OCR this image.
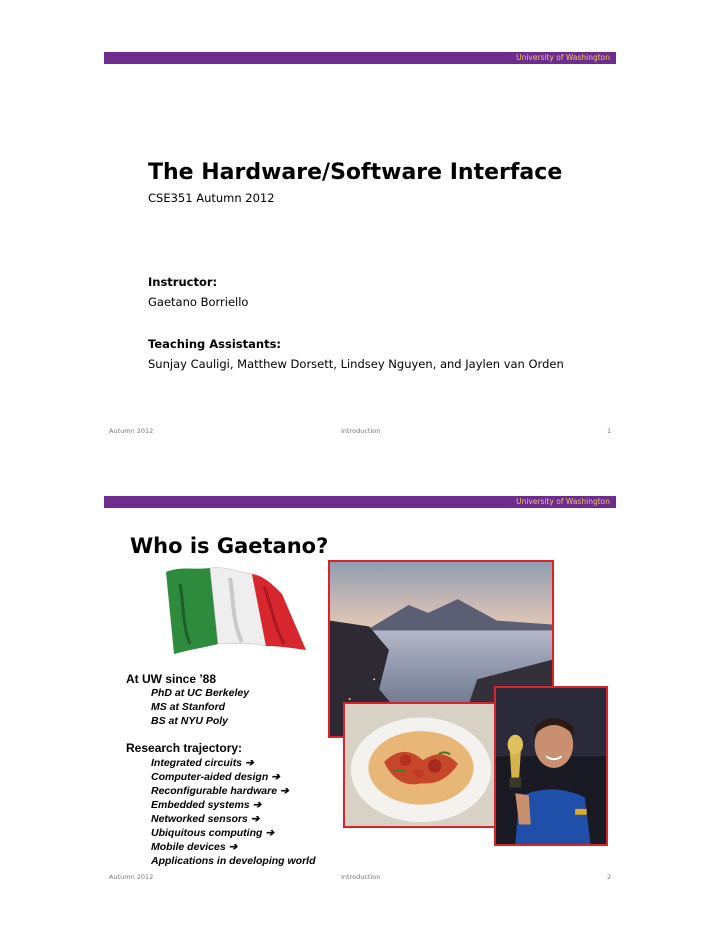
University of Washington
The Hardware/Software Interface
CSE351 Autumn 2012
Instructor:
Gaetano Borriello
Teaching Assistants:
Sunjay Cauligi, Matthew Dorsett, Lindsey Nguyen, and Jaylen van Orden
Autumn 2012	Introduction	1
University of Washington
Who is Gaetano?
At UW since ’88
PhD at UC Berkeley
MS at Stanford
BS at NYU Poly
Research trajectory:
Integrated circuits ➔
Computer-aided design ➔
Reconfigurable hardware ➔
Embedded systems ➔
Networked sensors ➔
Ubiquitous computing ➔
Mobile devices ➔
Applications in developing world
Autumn 2012	Introduction	2
